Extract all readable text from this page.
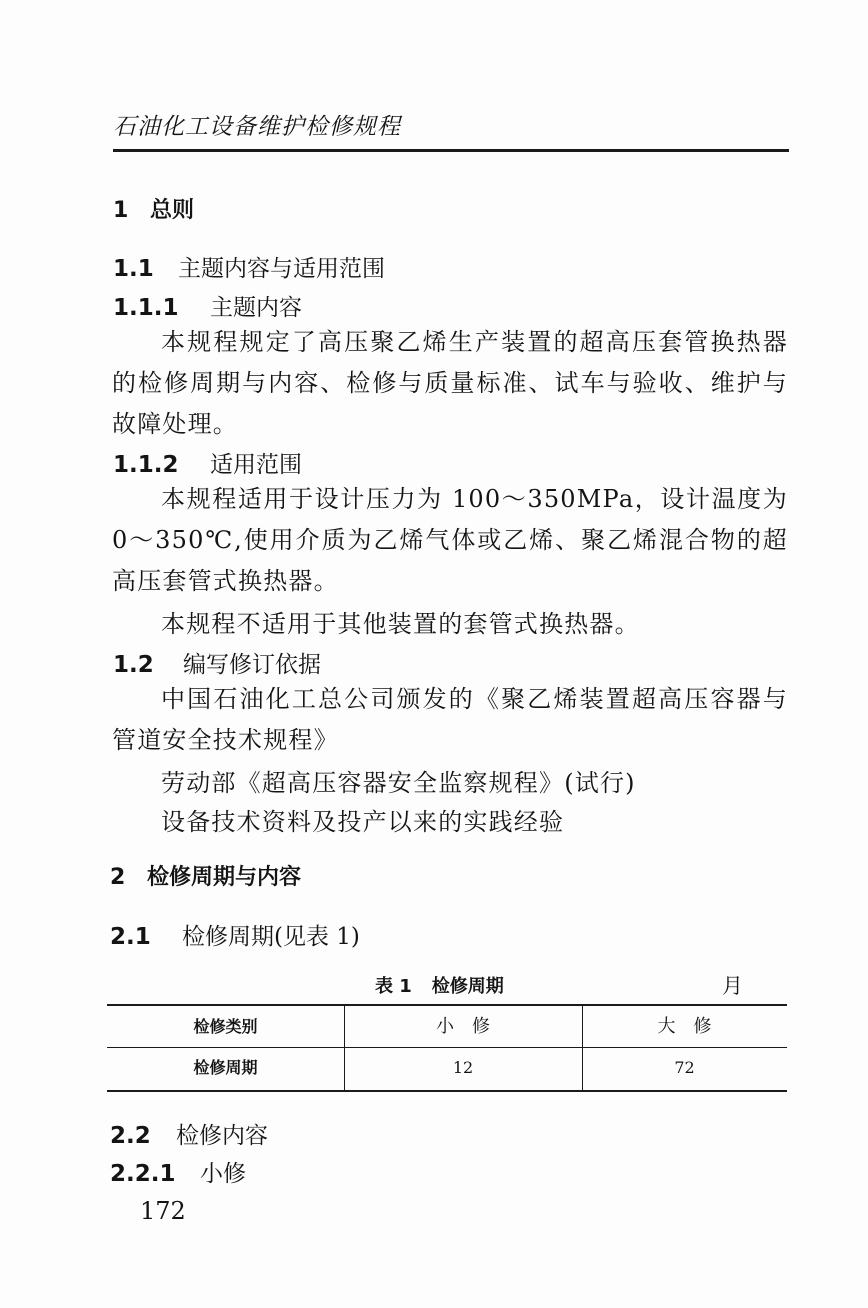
石油化工设备维护检修规程
1 总则
1.1 主题内容与适用范围
1.1.1 主题内容
本规程规定了高压聚乙烯生产装置的超高压套管换热器的检修周期与内容、检修与质量标准、试车与验收、维护与故障处理。
1.1.2 适用范围
本规程适用于设计压力为 100～350MPa，设计温度为 0～350℃,使用介质为乙烯气体或乙烯、聚乙烯混合物的超高压套管式换热器。
本规程不适用于其他装置的套管式换热器。
1.2 编写修订依据
中国石油化工总公司颁发的《聚乙烯装置超高压容器与管道安全技术规程》
劳动部《超高压容器安全监察规程》(试行)
设备技术资料及投产以来的实践经验
2 检修周期与内容
2.1 检修周期(见表 1)
表 1 检修周期	月
检修类别	小　修	大　修
检修周期	12	72
2.2 检修内容
2.2.1 小修
172
